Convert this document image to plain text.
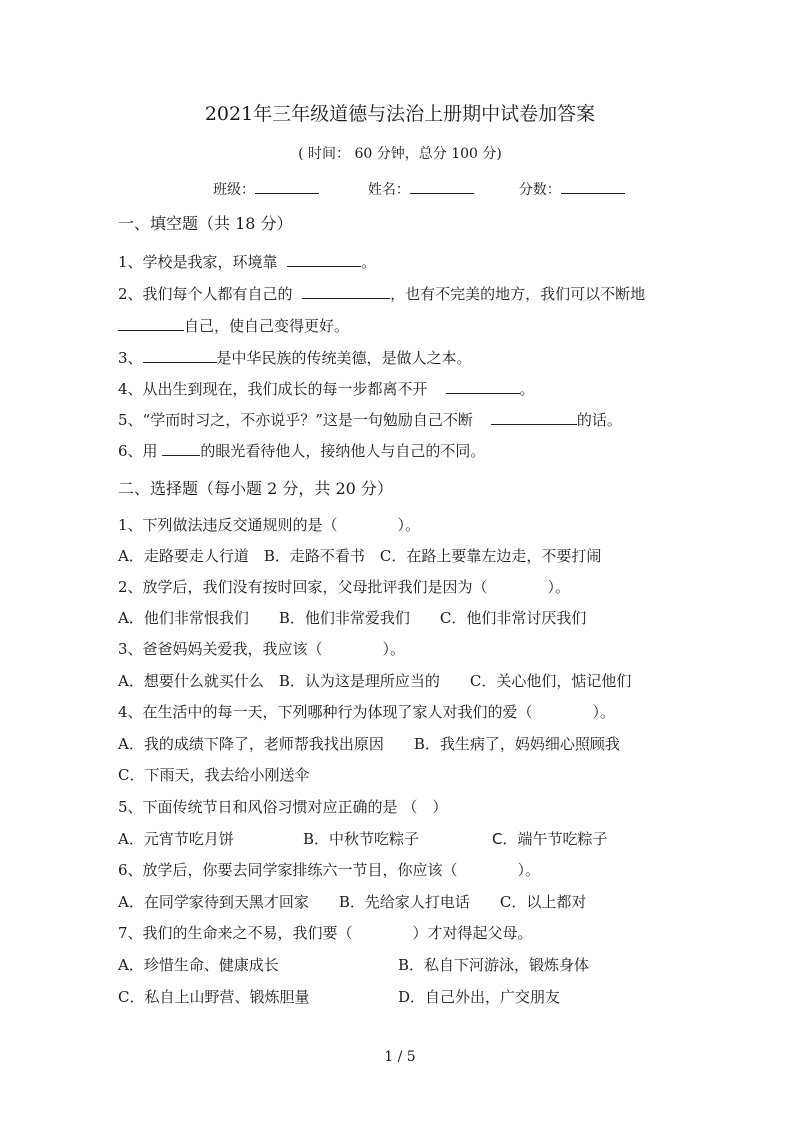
2021年三年级道德与法治上册期中试卷加答案
( 时间： 60 分钟，总分 100 分)
班级：	姓名：	分数：
一、填空题（共 18 分）
1、学校是我家，环境靠	。
2、我们每个人都有自己的	，也有不完美的地方，我们可以不断地
自己，使自己变得更好。
3、	是中华民族的传统美德，是做人之本。
4、从出生到现在，我们成长的每一步都离不开	。
5、“学而时习之，不亦说乎？”这是一句勉励自己不断	的话。
6、用	的眼光看待他人，接纳他人与自己的不同。
二、选择题（每小题 2 分，共 20 分）
1、下列做法违反交通规则的是（　　　　）。
A．走路要走人行道　B．走路不看书　C．在路上要靠左边走，不要打闹
2、放学后，我们没有按时回家，父母批评我们是因为（　　　　）。
A．他们非常恨我们　　B．他们非常爱我们　　C．他们非常讨厌我们
3、爸爸妈妈关爱我，我应该（　　　　）。
A．想要什么就买什么　B．认为这是理所应当的　　C．关心他们，惦记他们
4、在生活中的每一天，下列哪种行为体现了家人对我们的爱（　　　　）。
A．我的成绩下降了，老师帮我找出原因　　B．我生病了，妈妈细心照顾我
C．下雨天，我去给小刚送伞
5、下面传统节日和风俗习惯对应正确的是 （　）
A．元宵节吃月饼	B．中秋节吃粽子	C．端午节吃粽子
6、放学后，你要去同学家排练六一节目，你应该（　　　　）。
A．在同学家待到天黑才回家　　B．先给家人打电话　　C．以上都对
7、我们的生命来之不易，我们要（　　　　）才对得起父母。
A．珍惜生命、健康成长	B．私自下河游泳，锻炼身体
C．私自上山野营、锻炼胆量	D．自己外出，广交朋友
1 / 5
